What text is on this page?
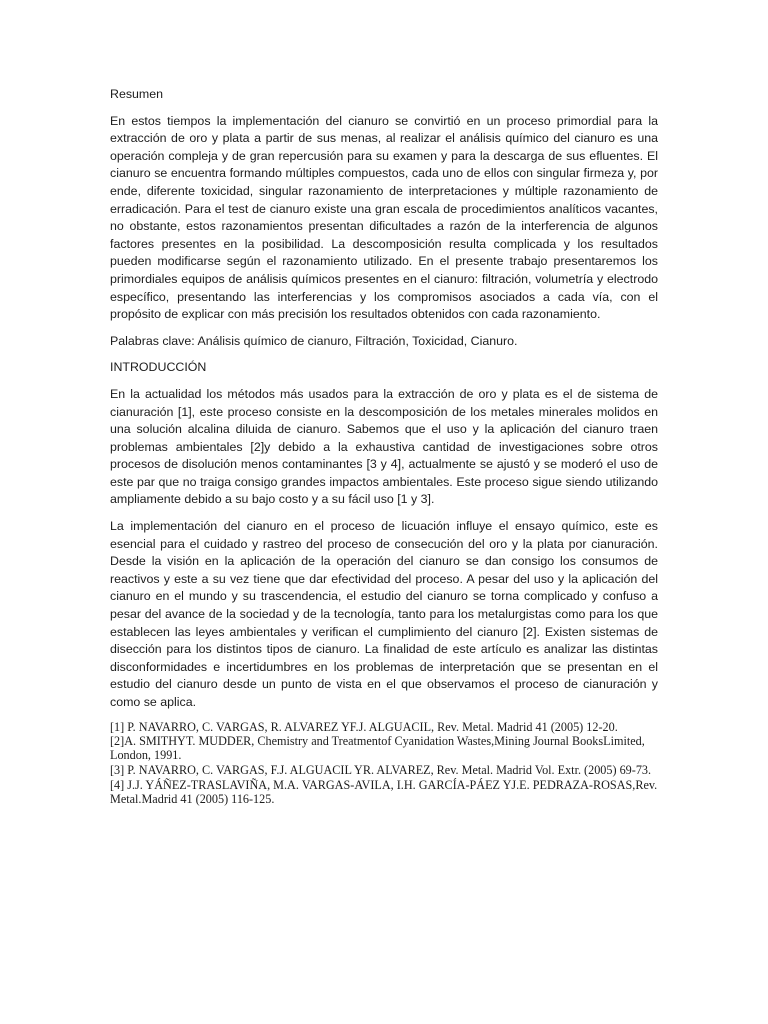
Resumen
En estos tiempos la implementación del cianuro se convirtió en un proceso primordial para la extracción de oro y plata a partir de sus menas, al realizar el análisis químico del cianuro es una operación compleja y de gran repercusión para su examen y para la descarga de sus efluentes. El cianuro se encuentra formando múltiples compuestos, cada uno de ellos con singular firmeza y, por ende, diferente toxicidad, singular razonamiento de interpretaciones y múltiple razonamiento de erradicación. Para el test de cianuro existe una gran escala de procedimientos analíticos vacantes, no obstante, estos razonamientos presentan dificultades a razón de la interferencia de algunos factores presentes en la posibilidad. La descomposición resulta complicada y los resultados pueden modificarse según el razonamiento utilizado. En el presente trabajo presentaremos los primordiales equipos de análisis químicos presentes en el cianuro: filtración, volumetría y electrodo específico, presentando las interferencias y los compromisos asociados a cada vía, con el propósito de explicar con más precisión los resultados obtenidos con cada razonamiento.
Palabras clave: Análisis químico de cianuro, Filtración, Toxicidad, Cianuro.
INTRODUCCIÓN
En la actualidad los métodos más usados para la extracción de oro y plata es el de sistema de cianuración [1], este proceso consiste en la descomposición de los metales minerales molidos en una solución alcalina diluida de cianuro. Sabemos que el uso y la aplicación del cianuro traen problemas ambientales [2]y debido a la exhaustiva cantidad de investigaciones sobre otros procesos de disolución menos contaminantes [3 y 4], actualmente se ajustó y se moderó el uso de este par que no traiga consigo grandes impactos ambientales. Este proceso sigue siendo utilizando ampliamente debido a su bajo costo y a su fácil uso [1 y 3].
La implementación del cianuro en el proceso de licuación influye el ensayo químico, este es esencial para el cuidado y rastreo del proceso de consecución del oro y la plata por cianuración. Desde la visión en la aplicación de la operación del cianuro se dan consigo los consumos de reactivos y este a su vez tiene que dar efectividad del proceso. A pesar del uso y la aplicación del cianuro en el mundo y su trascendencia, el estudio del cianuro se torna complicado y confuso a pesar del avance de la sociedad y de la tecnología, tanto para los metalurgistas como para los que establecen las leyes ambientales y verifican el cumplimiento del cianuro [2]. Existen sistemas de disección para los distintos tipos de cianuro. La finalidad de este artículo es analizar las distintas disconformidades e incertidumbres en los problemas de interpretación que se presentan en el estudio del cianuro desde un punto de vista en el que observamos el proceso de cianuración y como se aplica.
[1] P. NAVARRO, C. VARGAS, R. ALVAREZ YF.J. ALGUACIL, Rev. Metal. Madrid 41 (2005) 12-20.
[2]A. SMITHYT. MUDDER, Chemistry and Treatmentof Cyanidation Wastes,Mining Journal BooksLimited, London, 1991.
[3] P. NAVARRO, C. VARGAS, F.J. ALGUACIL YR. ALVAREZ, Rev. Metal. Madrid Vol. Extr. (2005) 69-73.
[4] J.J. YÁÑEZ-TRASLAVIÑA, M.A. VARGAS-AVILA, I.H. GARCÍA-PÁEZ YJ.E. PEDRAZA-ROSAS,Rev. Metal.Madrid 41 (2005) 116-125.
